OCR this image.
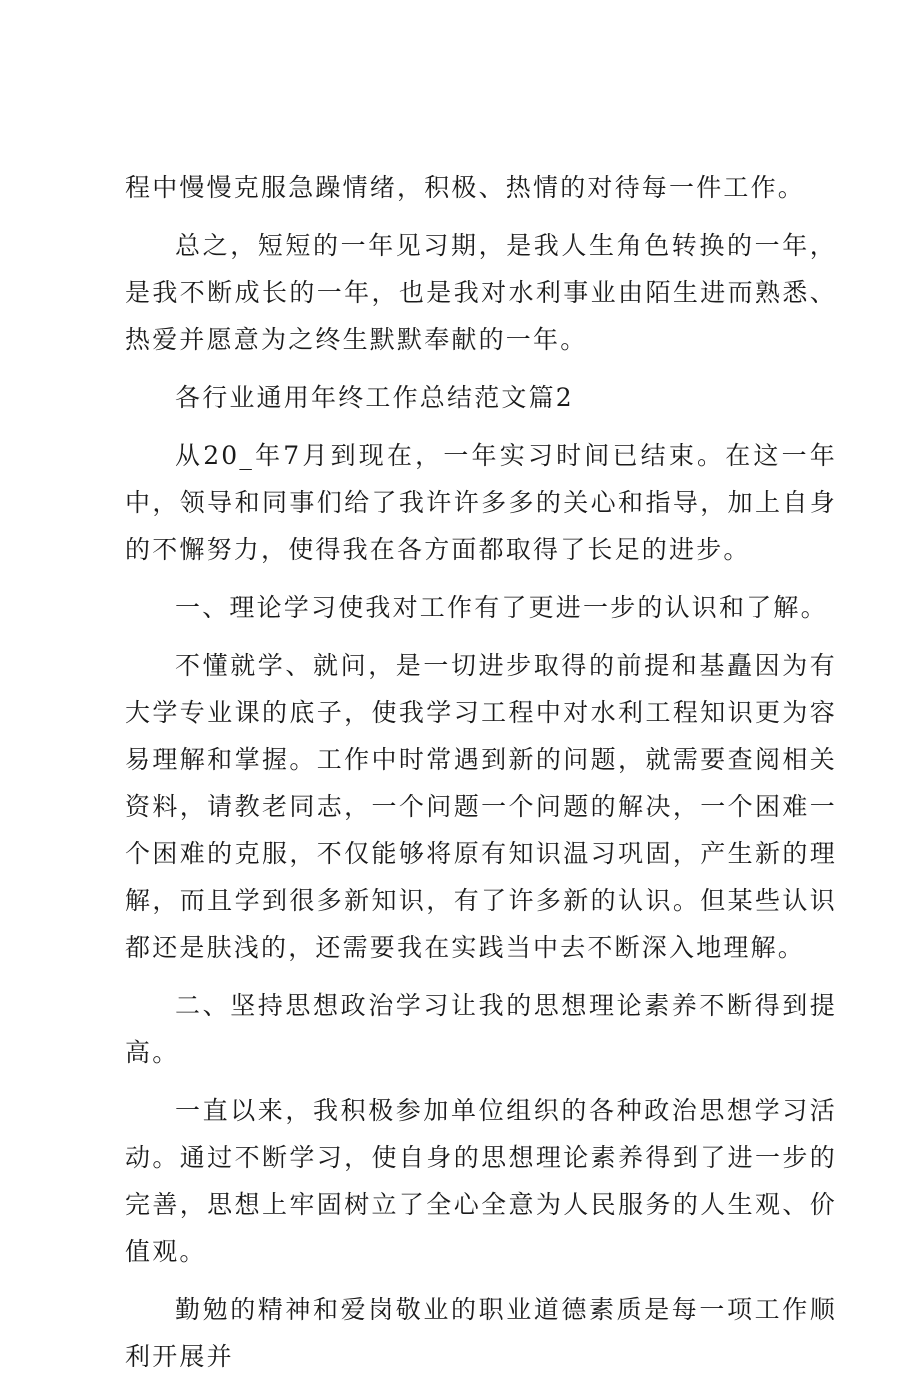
程中慢慢克服急躁情绪，积极、热情的对待每一件工作。

总之，短短的一年见习期，是我人生角色转换的一年，是我不断成长的一年，也是我对水利事业由陌生进而熟悉、热爱并愿意为之终生默默奉献的一年。

各行业通用年终工作总结范文篇2

从20_年7月到现在，一年实习时间已结束。在这一年中，领导和同事们给了我许许多多的关心和指导，加上自身的不懈努力，使得我在各方面都取得了长足的进步。

一、理论学习使我对工作有了更进一步的认识和了解。

不懂就学、就问，是一切进步取得的前提和基矗因为有大学专业课的底子，使我学习工程中对水利工程知识更为容易理解和掌握。工作中时常遇到新的问题，就需要查阅相关资料，请教老同志，一个问题一个问题的解决，一个困难一个困难的克服，不仅能够将原有知识温习巩固，产生新的理解，而且学到很多新知识，有了许多新的认识。但某些认识都还是肤浅的，还需要我在实践当中去不断深入地理解。

二、坚持思想政治学习让我的思想理论素养不断得到提高。

一直以来，我积极参加单位组织的各种政治思想学习活动。通过不断学习，使自身的思想理论素养得到了进一步的完善，思想上牢固树立了全心全意为人民服务的人生观、价值观。

勤勉的精神和爱岗敬业的职业道德素质是每一项工作顺利开展并
